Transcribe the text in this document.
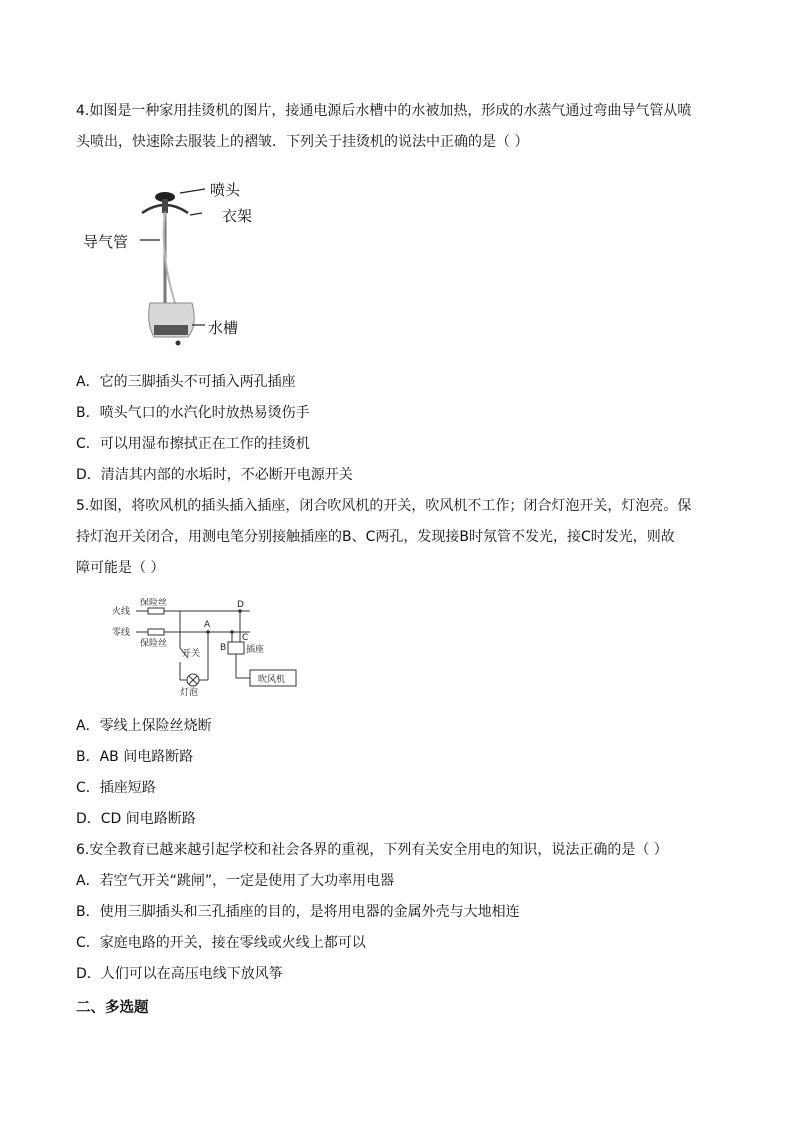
4.如图是一种家用挂烫机的图片，接通电源后水槽中的水被加热，形成的水蒸气通过弯曲导气管从喷
头喷出，快速除去服装上的褶皱．下列关于挂烫机的说法中正确的是（ ）
喷头
衣架
导气管
水槽
A．它的三脚插头不可插入两孔插座
B．喷头气口的水汽化时放热易烫伤手
C．可以用湿布擦拭正在工作的挂烫机
D．清洁其内部的水垢时，不必断开电源开关
5.如图，将吹风机的插头插入插座，闭合吹风机的开关，吹风机不工作；闭合灯泡开关，灯泡亮。保
持灯泡开关闭合，用测电笔分别接触插座的B、C两孔，发现接B时氖管不发光，接C时发光，则故
障可能是（ ）
火线
保险丝
零线
保险丝
开关
灯泡
A
B
C
D
插座
吹风机
A．零线上保险丝烧断
B．AB 间电路断路
C．插座短路
D．CD 间电路断路
6.安全教育已越来越引起学校和社会各界的重视，下列有关安全用电的知识，说法正确的是（ ）
A．若空气开关“跳闸”，一定是使用了大功率用电器
B．使用三脚插头和三孔插座的目的，是将用电器的金属外壳与大地相连
C．家庭电路的开关，接在零线或火线上都可以
D．人们可以在高压电线下放风筝
二、多选题
